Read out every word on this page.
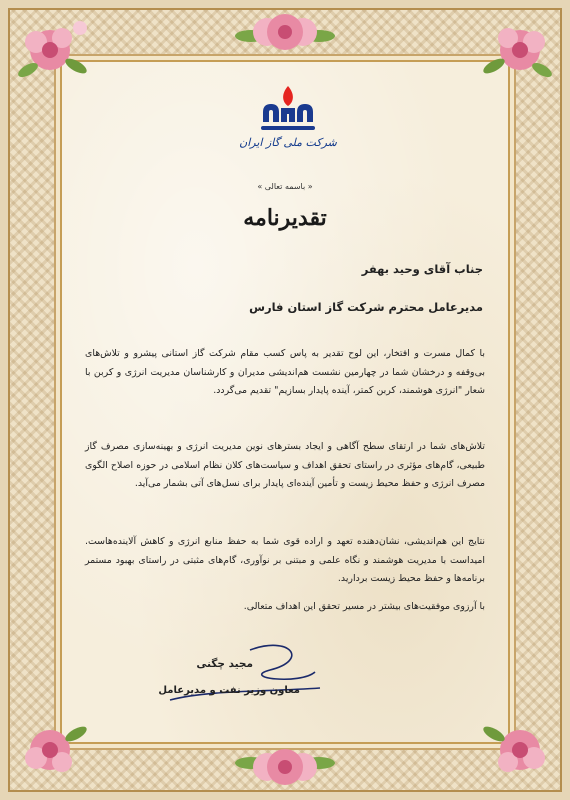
شرکت ملی گاز ایران
« باسمه تعالی »
تقدیرنامه
جناب آقای وحید بهفر
مدیرعامل محترم شرکت گاز استان فارس
با کمال مسرت و افتخار، این لوح تقدیر به پاس کسب مقام شرکت گاز استانی پیشرو و تلاش‌های بی‌وقفه و درخشان شما در چهارمین نشست هم‌اندیشی مدیران و کارشناسان مدیریت انرژی و کربن با شعار "انرژی هوشمند، کربن کمتر، آینده پایدار بسازیم" تقدیم می‌گردد.
تلاش‌های شما در ارتقای سطح آگاهی و ایجاد بسترهای نوین مدیریت انرژی و بهینه‌سازی مصرف گاز طبیعی، گام‌های مؤثری در راستای تحقق اهداف و سیاست‌های کلان نظام اسلامی در حوزه اصلاح الگوی مصرف انرژی و حفظ محیط زیست و تأمین آینده‌ای پایدار برای نسل‌های آتی بشمار می‌آید.
نتایج این هم‌اندیشی، نشان‌دهنده تعهد و اراده قوی شما به حفظ منابع انرژی و کاهش آلاینده‌هاست. امیداست با مدیریت هوشمند و نگاه علمی و مبتنی بر نوآوری، گام‌های مثبتی در راستای بهبود مستمر برنامه‌ها و حفظ محیط زیست بردارید.
با آرزوی موفقیت‌های بیشتر در مسیر تحقق این اهداف متعالی.
مجید چگنی
معاون وزیر نفت و مدیرعامل
